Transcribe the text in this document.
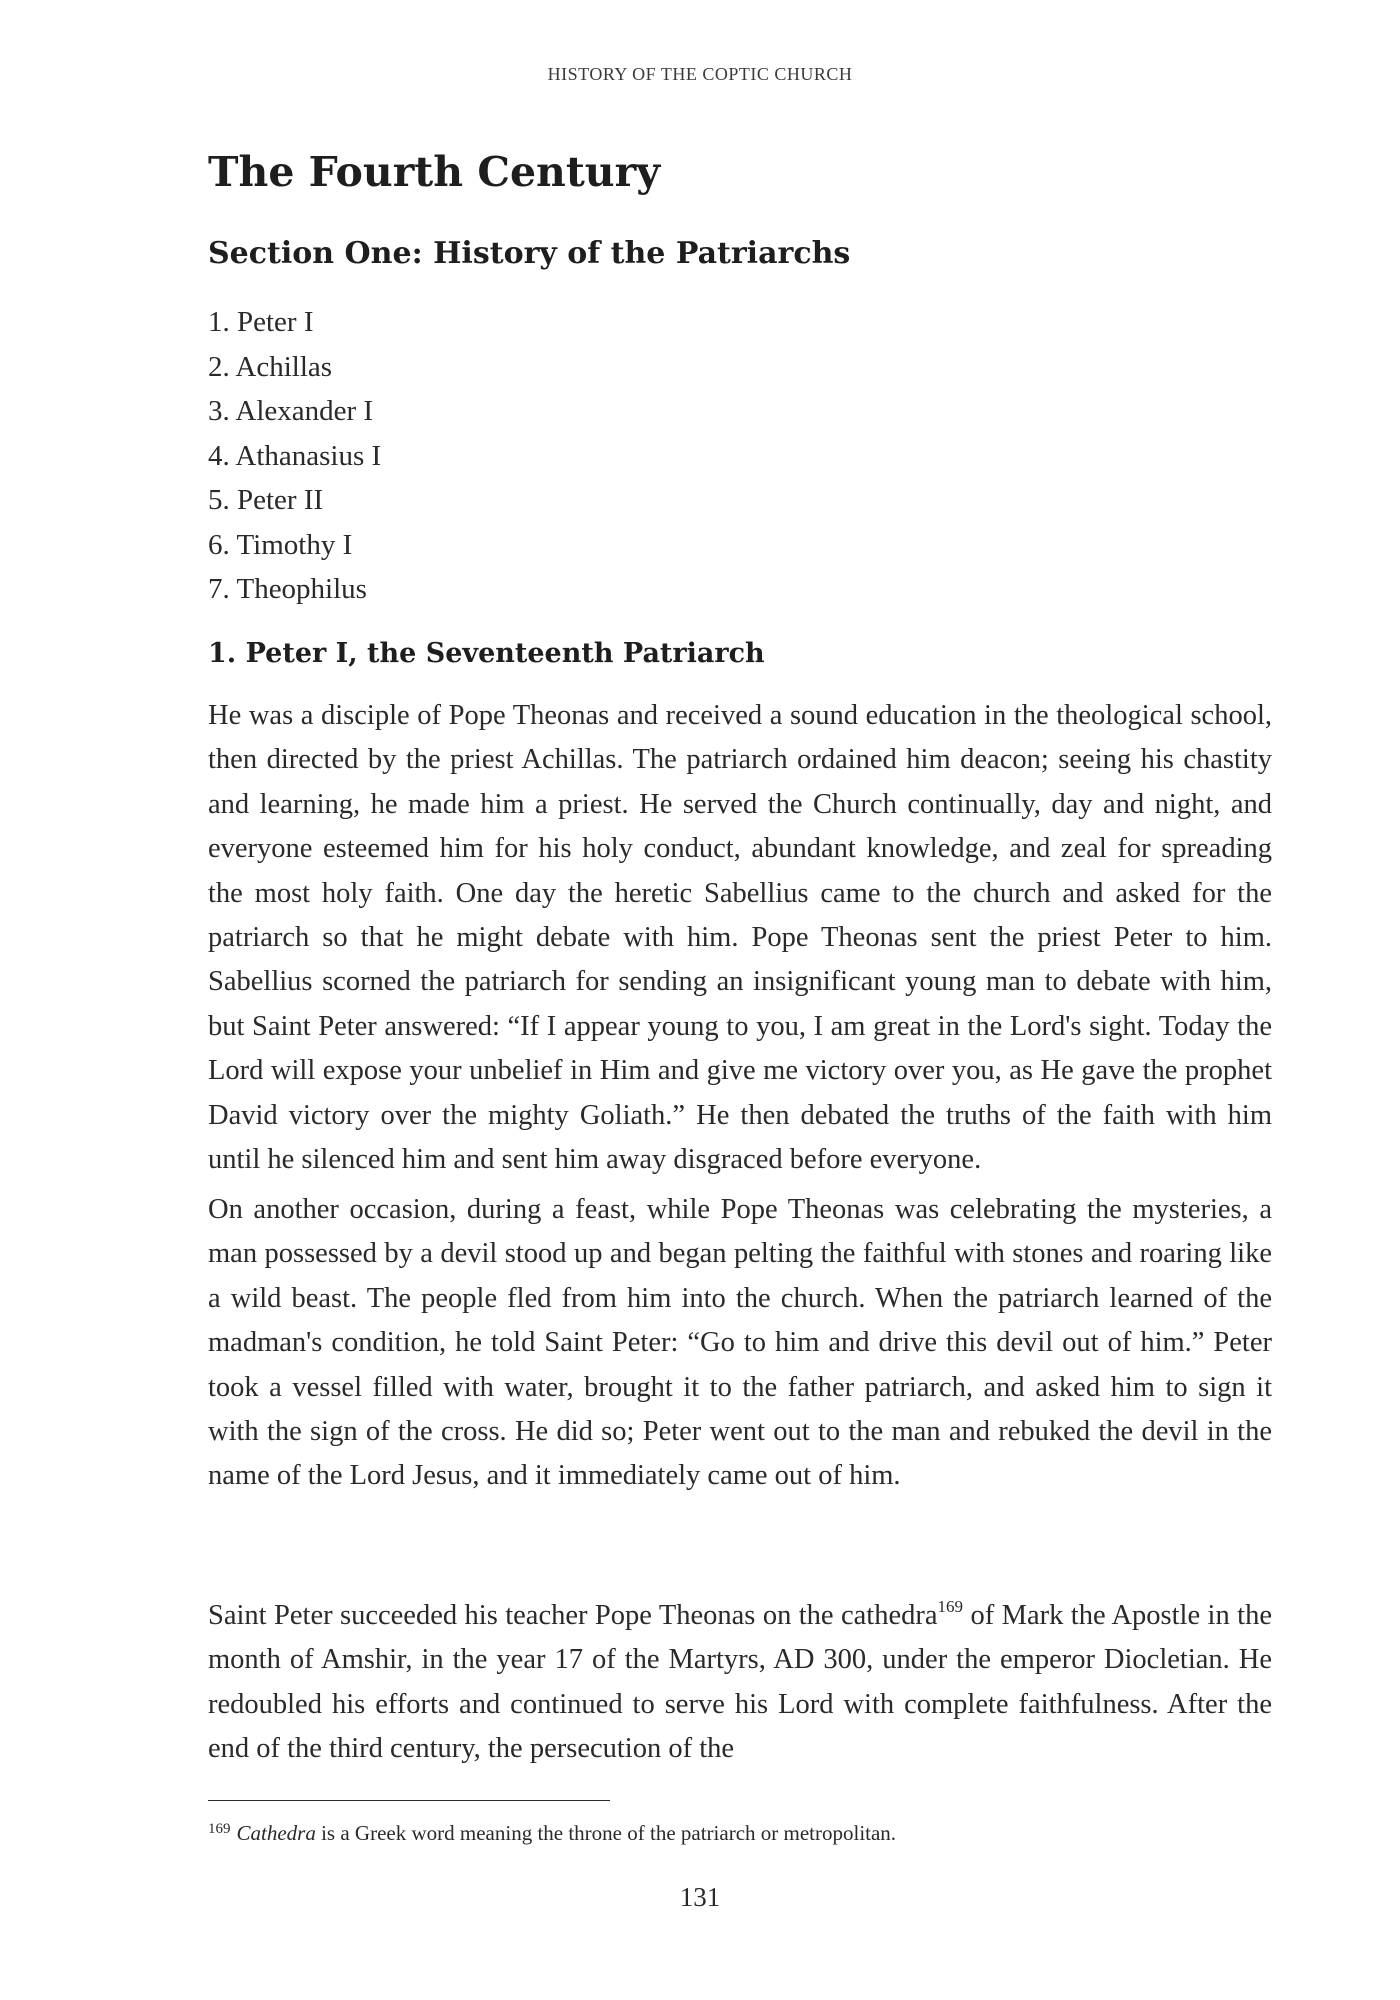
HISTORY OF THE COPTIC CHURCH
The Fourth Century
Section One: History of the Patriarchs
1. Peter I
2. Achillas
3. Alexander I
4. Athanasius I
5. Peter II
6. Timothy I
7. Theophilus
1. Peter I, the Seventeenth Patriarch

He was a disciple of Pope Theonas and received a sound education in the theological school, then directed by the priest Achillas. The patriarch ordained him deacon; seeing his chastity and learning, he made him a priest. He served the Church continually, day and night, and everyone esteemed him for his holy conduct, abundant knowledge, and zeal for spreading the most holy faith. One day the heretic Sabellius came to the church and asked for the patriarch so that he might debate with him. Pope Theonas sent the priest Peter to him. Sabellius scorned the patriarch for sending an insignificant young man to debate with him, but Saint Peter answered: “If I appear young to you, I am great in the Lord's sight. Today the Lord will expose your unbelief in Him and give me victory over you, as He gave the prophet David victory over the mighty Goliath.” He then debated the truths of the faith with him until he silenced him and sent him away disgraced before everyone.

On another occasion, during a feast, while Pope Theonas was celebrating the mysteries, a man possessed by a devil stood up and began pelting the faithful with stones and roaring like a wild beast. The people fled from him into the church. When the patriarch learned of the madman's condition, he told Saint Peter: “Go to him and drive this devil out of him.” Peter took a vessel filled with water, brought it to the father patriarch, and asked him to sign it with the sign of the cross. He did so; Peter went out to the man and rebuked the devil in the name of the Lord Jesus, and it immediately came out of him.

Saint Peter succeeded his teacher Pope Theonas on the cathedra$^{169}$ of Mark the Apostle in the month of Amshir, in the year 17 of the Martyrs, AD 300, under the emperor Diocletian. He redoubled his efforts and continued to serve his Lord with complete faithfulness. After the end of the third century, the persecution of the

$^{169}$ Cathedra is a Greek word meaning the throne of the patriarch or metropolitan.
131
